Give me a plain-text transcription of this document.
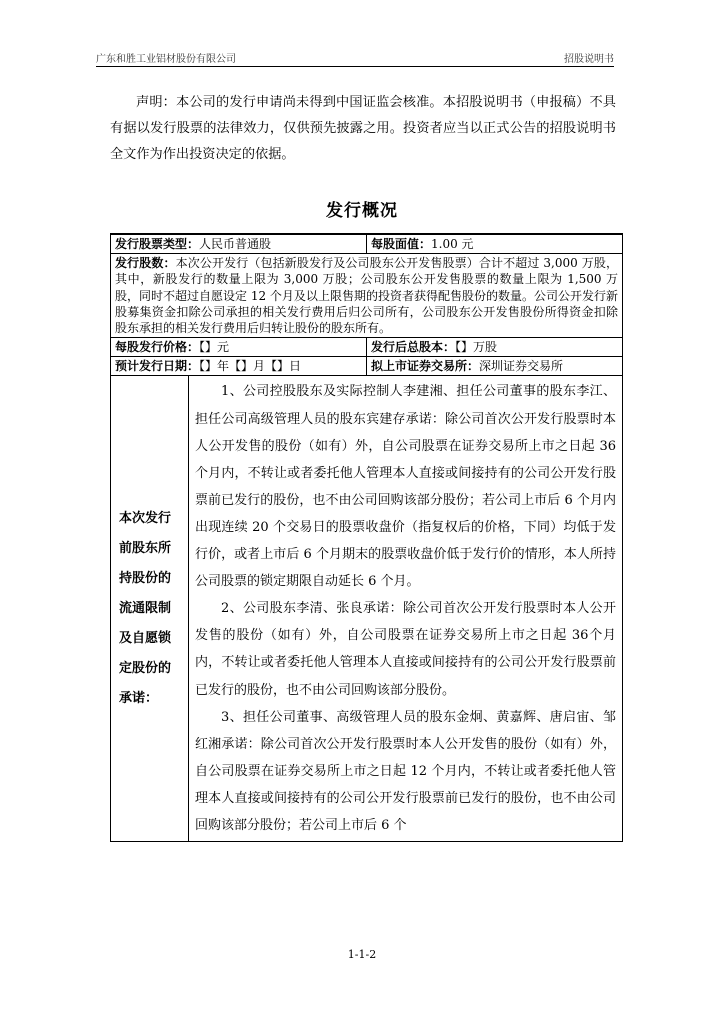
广东和胜工业铝材股份有限公司	招股说明书
声明：本公司的发行申请尚未得到中国证监会核准。本招股说明书（申报稿）不具有据以发行股票的法律效力，仅供预先披露之用。投资者应当以正式公告的招股说明书全文作为作出投资决定的依据。
发行概况
发行股票类型：人民币普通股		每股面值：1.00 元
发行股数：本次公开发行（包括新股发行及公司股东公开发售股票）合计不超过 3,000 万股，其中，新股发行的数量上限为 3,000 万股；公司股东公开发售股票的数量上限为 1,500 万股，同时不超过自愿设定 12 个月及以上限售期的投资者获得配售股份的数量。公司公开发行新股募集资金扣除公司承担的相关发行费用后归公司所有，公司股东公开发售股份所得资金扣除股东承担的相关发行费用后归转让股份的股东所有。		
每股发行价格：【】元		发行后总股本：【】万股
预计发行日期：【】年【】月【】日		拟上市证券交易所：深圳证券交易所
本次发行前股东所持股份的流通限制及自愿锁定股份的承诺：	1、公司控股股东及实际控制人李建湘、担任公司董事的股东李江、担任公司高级管理人员的股东宾建存承诺：除公司首次公开发行股票时本人公开发售的股份（如有）外，自公司股票在证券交易所上市之日起 36 个月内，不转让或者委托他人管理本人直接或间接持有的公司公开发行股票前已发行的股份，也不由公司回购该部分股份；若公司上市后 6 个月内出现连续 20 个交易日的股票收盘价（指复权后的价格，下同）均低于发行价，或者上市后 6 个月期末的股票收盘价低于发行价的情形，本人所持公司股票的锁定期限自动延长 6 个月。

2、公司股东李清、张良承诺：除公司首次公开发行股票时本人公开发售的股份（如有）外，自公司股票在证券交易所上市之日起 36个月内，不转让或者委托他人管理本人直接或间接持有的公司公开发行股票前已发行的股份，也不由公司回购该部分股份。

3、担任公司董事、高级管理人员的股东金炯、黄嘉辉、唐启宙、邹红湘承诺：除公司首次公开发行股票时本人公开发售的股份（如有）外，自公司股票在证券交易所上市之日起 12 个月内，不转让或者委托他人管理本人直接或间接持有的公司公开发行股票前已发行的股份，也不由公司回购该部分股份；若公司上市后 6 个	

1-1-2
